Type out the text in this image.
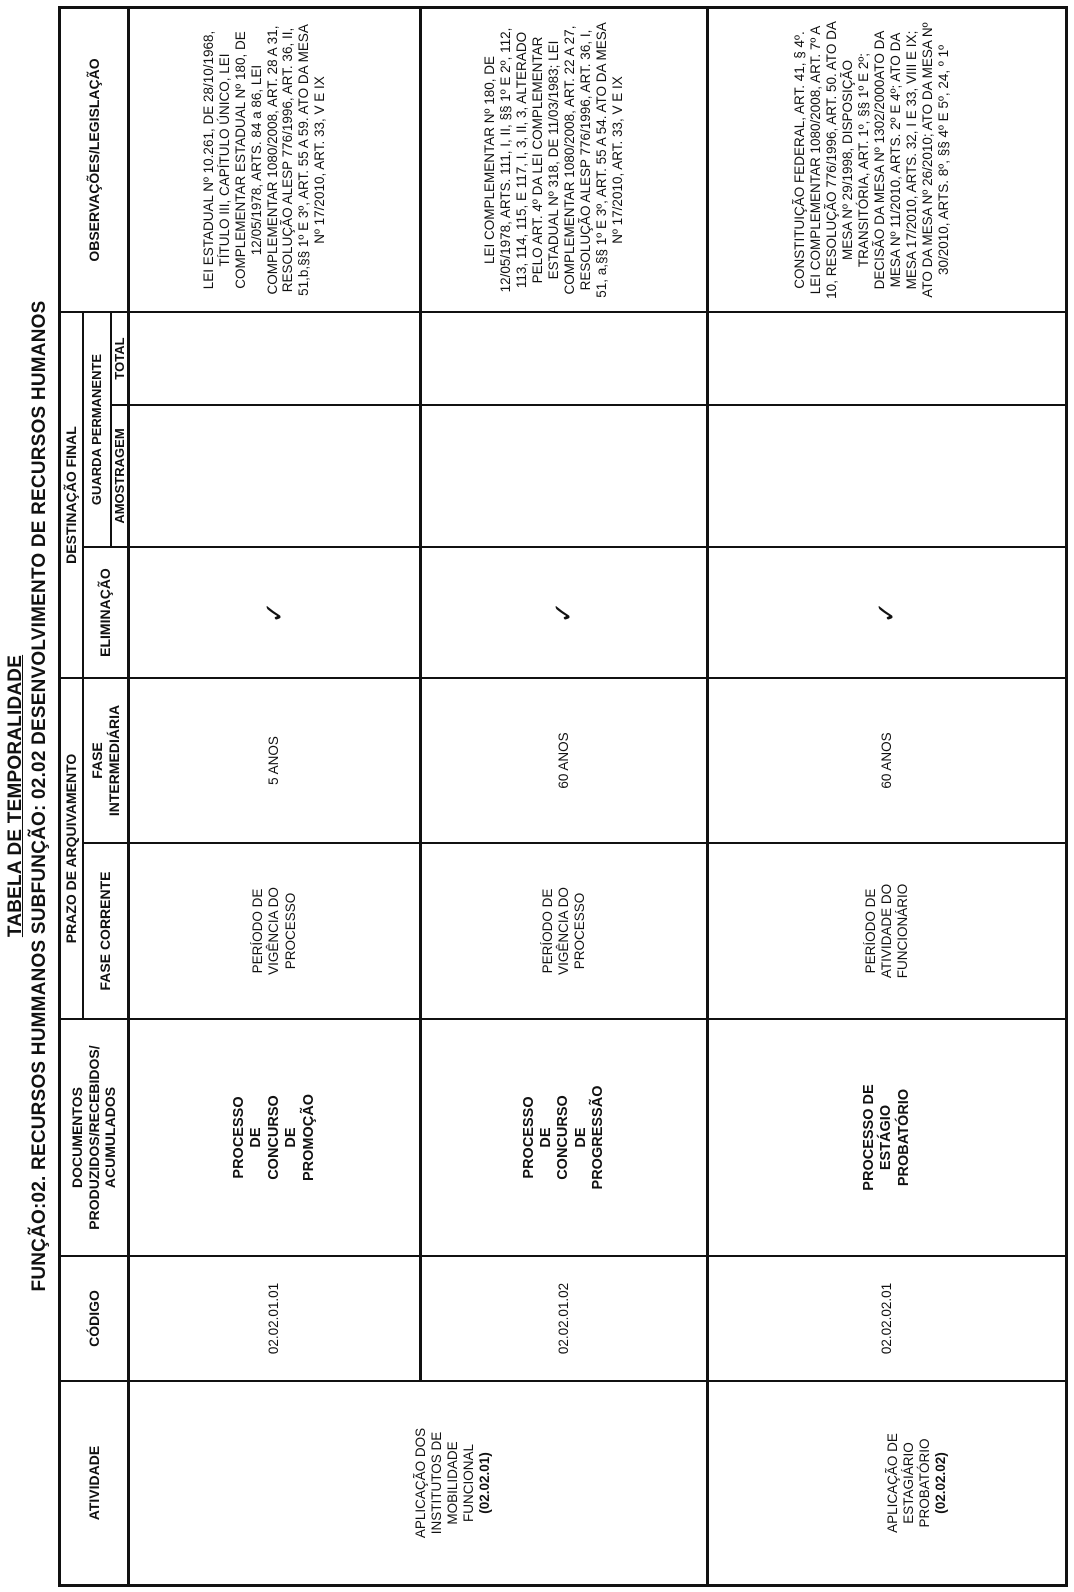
TABELA DE TEMPORALIDADE FUNÇÃO:02. RECURSOS HUMMANOS SUBFUNÇÃO: 02.02 DESENVOLVIMENTO DE RECURSOS HUMANOS
ATIVIDADE
CÓDIGO
DOCUMENTOS PRODUZIDOS/RECEBIDOS/ ACUMULADOS
PRAZO DE ARQUIVAMENTO	FASE CORRENTE
FASE INTERMEDIÁRIA
DESTINAÇÃO FINAL
ELIMINAÇÃO
GUARDA PERMANENTE AMOSTRAGEM
TOTAL
OBSERVAÇÕES/LEGISLAÇÃO
APLICAÇÃO DOS INSTITUTOS DE MOBILIDADE FUNCIONAL (02.02.01)	APLICAÇÃO DE ESTAGIÁRIO PROBATÓRIO (02.02.02)
02.02.01.01
PROCESSO DE CONCURSO DE PROMOÇÃO
PERÍODO DE VIGÊNCIA DO PROCESSO
5 ANOS
✓
LEI ESTADUAL Nº 10.261, DE 28/10/1968, TÍTULO III, CAPÍTULO ÚNICO, LEI COMPLEMENTAR ESTADUAL Nº 180, DE 12/05/1978, ARTS. 84 a 86, LEI COMPLEMENTAR 1080/2008, ART. 28 A 31, RESOLUÇÃO ALESP 776/1996, ART. 36, II, 51,b,§§ 1º E 3º, ART. 55 A 59. ATO DA MESA Nº 17/2010, ART. 33, V E IX
02.02.01.02
PROCESSO DE CONCURSO DE PROGRESSÃO
PERÍODO DE VIGÊNCIA DO PROCESSO
60 ANOS
✓
LEI COMPLEMENTAR Nº 180, DE 12/05/1978, ARTS. 111, I, II, §§ 1º E 2º, 112, 113, 114, 115, E 117, I, 3, II, 3, ALTERADO PELO ART. 4º DA LEI COMPLEMENTAR ESTADUAL Nº 318, DE 11/03/1983; LEI COMPLEMENTAR 1080/2008, ART. 22 A 27, RESOLUÇÃO ALESP 776/1996, ART. 36, I, 51, a,§§ 1º E 3º, ART. 55 A 54. ATO DA MESA Nº 17/2010, ART. 33, V E IX
02.02.02.01
PROCESSO DE ESTÁGIO PROBATÓRIO
PERÍODO DE ATIVIDADE DO FUNCIONÁRIO
60 ANOS
✓
CONSTITUIÇÃO FEDERAL, ART. 41, § 4º. LEI COMPLEMENTAR 1080/2008, ART. 7º A 10, RESOLUÇÃO 776/1996, ART. 50. ATO DA MESA Nº 29/1998, DISPOSIÇÃO TRANSITÓRIA, ART. 1º, §§ 1º E 2º; DECISÃO DA MESA Nº 1302/2000ATO DA MESA Nº 11/2010, ARTS. 2º E 4º; ATO DA MESA 17/2010, ARTS. 32, I E 33, VIII E IX; ATO DA MESA Nº 26/2010; ATO DA MESA Nº 30/2010, ARTS. 8º, §§ 4º E 5º, 24, º 1º
